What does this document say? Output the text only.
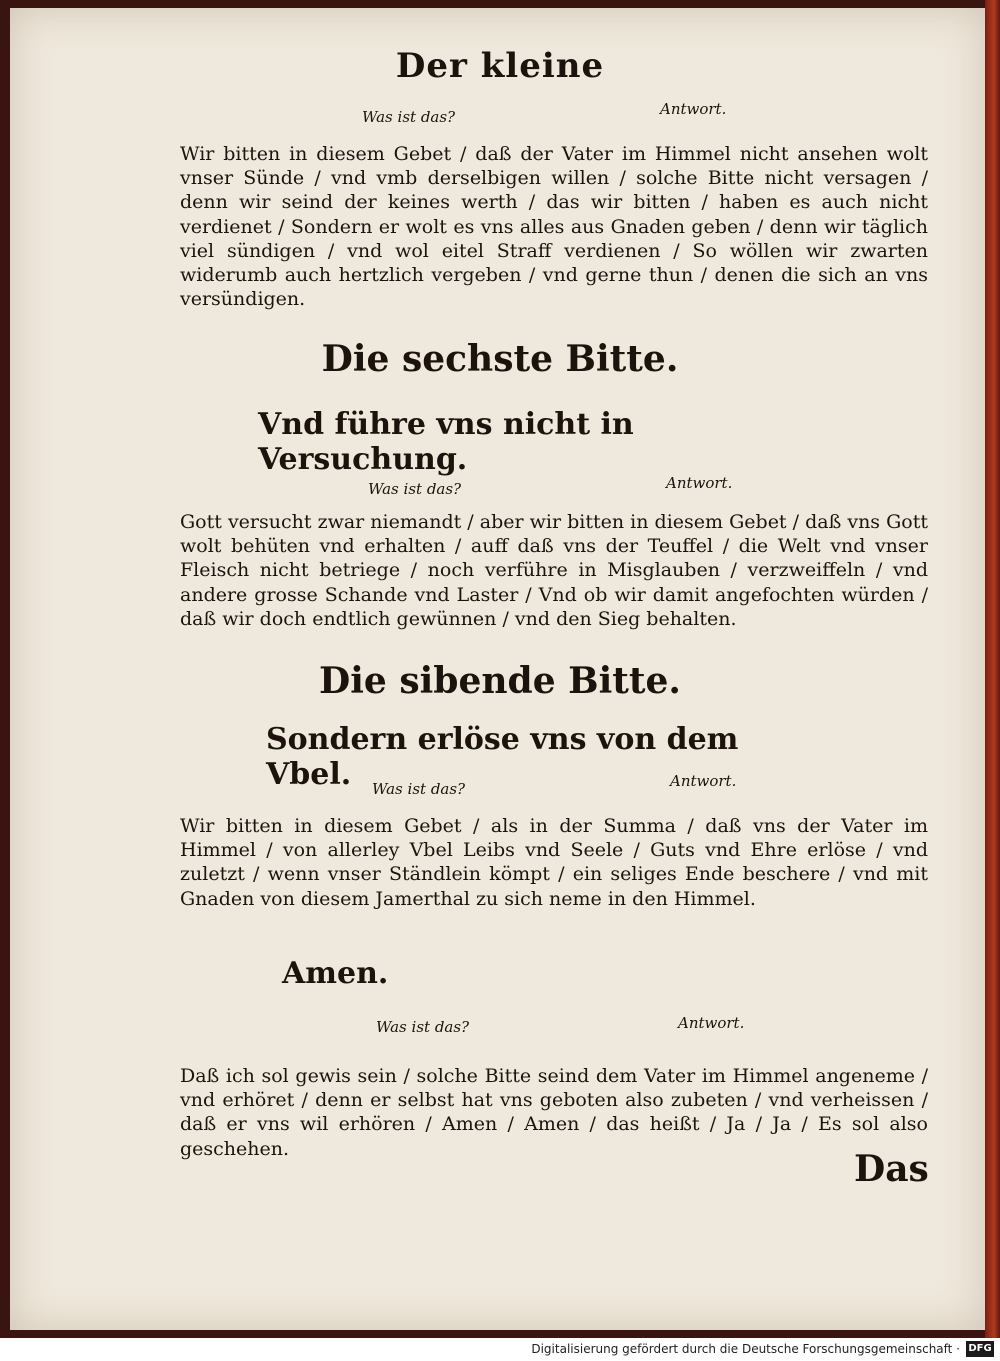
Der kleine

Was ist das?	Antwort.

Wir bitten in diesem Gebet / daß der Vater im Himmel nicht ansehen wolt vnser Sünde / vnd vmb derselbigen willen / solche Bitte nicht versagen / denn wir seind der keines werth / das wir bitten / haben es auch nicht verdienet / Sondern er wolt es vns alles aus Gnaden geben / denn wir täglich viel sündigen / vnd wol eitel Straff verdienen / So wöllen wir zwarten widerumb auch hertzlich vergeben / vnd gerne thun / denen die sich an vns versündigen.

Die sechste Bitte.

Vnd führe vns nicht in Versuchung.

Was ist das?	Antwort.

Gott versucht zwar niemandt / aber wir bitten in diesem Gebet / daß vns Gott wolt behüten vnd erhalten / auff daß vns der Teuffel / die Welt vnd vnser Fleisch nicht betriege / noch verführe in Misglauben / verzweiffeln / vnd andere grosse Schande vnd Laster / Vnd ob wir damit angefochten würden / daß wir doch endtlich gewünnen / vnd den Sieg behalten.

Die sibende Bitte.

Sondern erlöse vns von dem Vbel.	Was ist das?	Antwort.

Wir bitten in diesem Gebet / als in der Summa / daß vns der Vater im Himmel / von allerley Vbel Leibs vnd Seele / Guts vnd Ehre erlöse / vnd zuletzt / wenn vnser Ständlein kömpt / ein seliges Ende beschere / vnd mit Gnaden von diesem Jamerthal zu sich neme in den Himmel.

Amen.

Was ist das?	Antwort.

Daß ich sol gewis sein / solche Bitte seind dem Vater im Himmel angeneme / vnd erhöret / denn er selbst hat vns geboten also zubeten / vnd verheissen / daß er vns wil erhören / Amen / Amen / das heißt / Ja / Ja / Es sol also geschehen.	Das

Digitalisierung gefördert durch die Deutsche Forschungsgemeinschaft · DFG
